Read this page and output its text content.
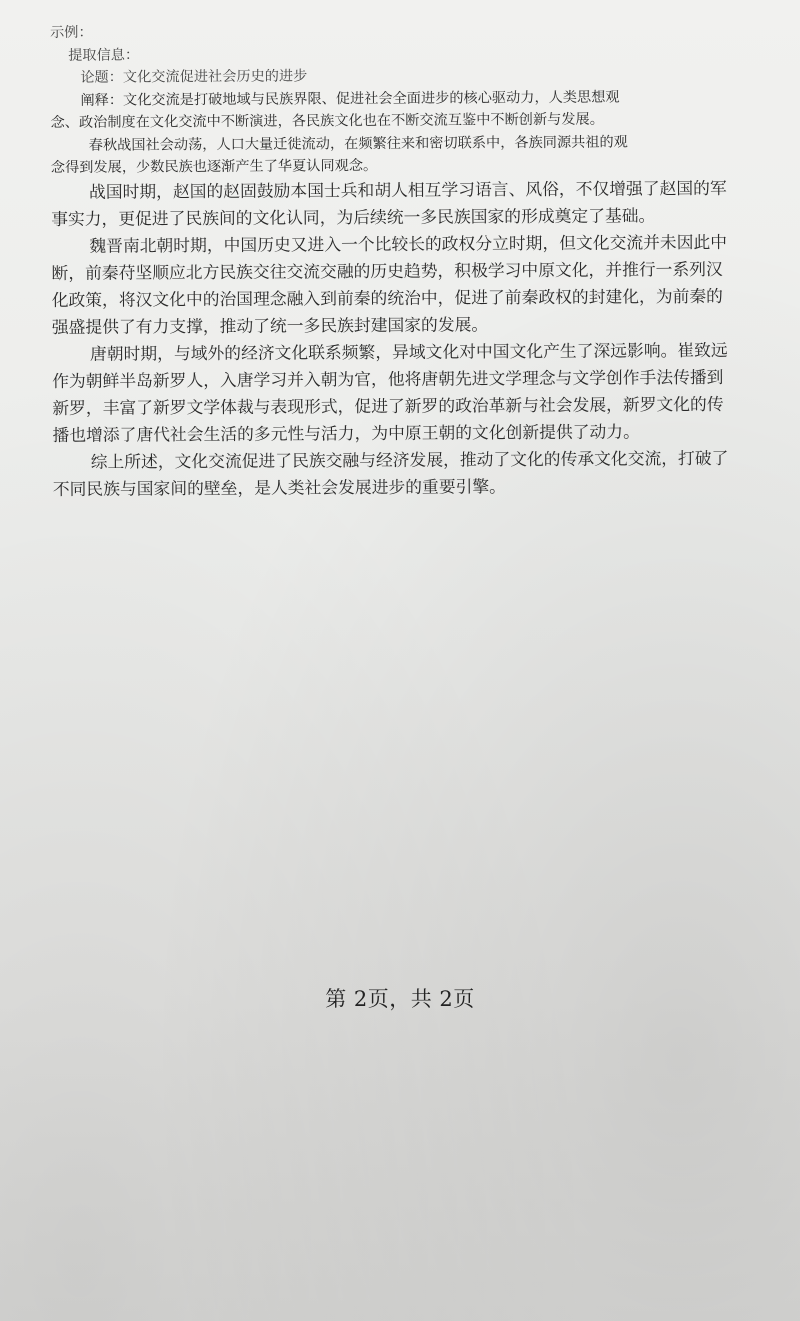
示例：

提取信息：

论题：文化交流促进社会历史的进步

阐释：文化交流是打破地域与民族界限、促进社会全面进步的核心驱动力，人类思想观

念、政治制度在文化交流中不断演进，各民族文化也在不断交流互鉴中不断创新与发展。

春秋战国社会动荡，人口大量迁徙流动，在频繁往来和密切联系中，各族同源共祖的观

念得到发展，少数民族也逐渐产生了华夏认同观念。

战国时期，赵国的赵固鼓励本国士兵和胡人相互学习语言、风俗，不仅增强了赵国的军

事实力，更促进了民族间的文化认同，为后续统一多民族国家的形成奠定了基础。

魏晋南北朝时期，中国历史又进入一个比较长的政权分立时期，但文化交流并未因此中

断，前秦苻坚顺应北方民族交往交流交融的历史趋势，积极学习中原文化，并推行一系列汉

化政策，将汉文化中的治国理念融入到前秦的统治中，促进了前秦政权的封建化，为前秦的

强盛提供了有力支撑，推动了统一多民族封建国家的发展。

唐朝时期，与域外的经济文化联系频繁，异域文化对中国文化产生了深远影响。崔致远

作为朝鲜半岛新罗人，入唐学习并入朝为官，他将唐朝先进文学理念与文学创作手法传播到

新罗，丰富了新罗文学体裁与表现形式，促进了新罗的政治革新与社会发展，新罗文化的传

播也增添了唐代社会生活的多元性与活力，为中原王朝的文化创新提供了动力。

综上所述，文化交流促进了民族交融与经济发展，推动了文化的传承文化交流，打破了

不同民族与国家间的壁垒，是人类社会发展进步的重要引擎。

第 2页，共 2页
